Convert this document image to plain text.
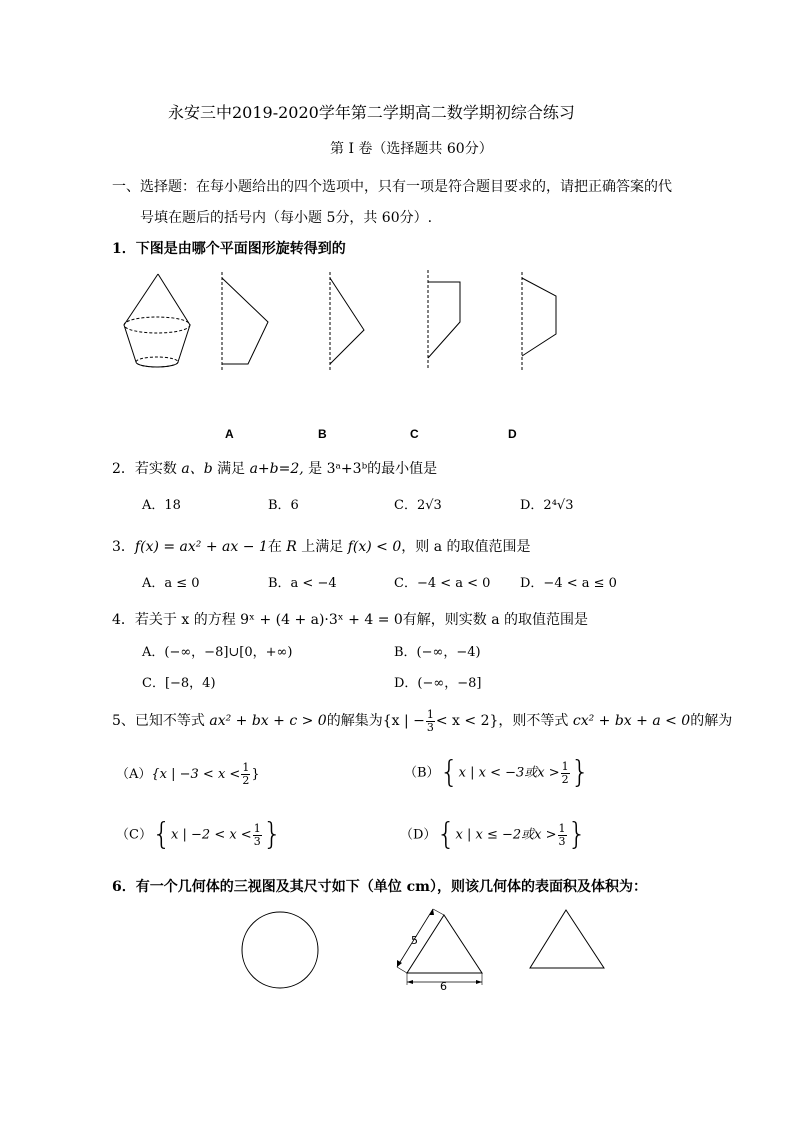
永安三中2019-2020学年第二学期高二数学期初综合练习
第 Ⅰ 卷（选择题共 60分）
一、选择题：在每小题给出的四个选项中，只有一项是符合题目要求的，请把正确答案的代
号填在题后的括号内（每小题 5分，共 60分）.
1．下图是由哪个平面图形旋转得到的
A	B	C	D
2．若实数 a、b 满足 a+b=2, 是 3ᵃ+3ᵇ的最小值是
A．18	B．6	C．2√3	D．2⁴√3
3．f(x) = ax² + ax − 1在 R 上满足 f(x) < 0，则 a 的取值范围是
A．a ≤ 0	B．a < −4	C．−4 < a < 0 D．−4 < a ≤ 0
4．若关于 x 的方程 9ˣ + (4 + a)·3ˣ + 4 = 0有解，则实数 a 的取值范围是
A．(−∞，−8]∪[0，+∞)	B．(−∞，−4)
C．[−8，4)	D．(−∞，−8]
5、已知不等式 ax² + bx + c > 0的解集为{x | − $\frac{1}{3} < x < 2$}，则不等式 cx² + bx + a < 0的解为
（A）{x | $-3 < x < \frac{1}{2}$ }	（B）{x | x < −3或$x > \frac{1}{2}$ }
（C）{x | $-2 < x < \frac{1}{3}$ }	（D）{x | x ≤ −2或$x > \frac{1}{3}$ }
6．有一个几何体的三视图及其尺寸如下（单位 cm），则该几何体的表面积及体积为：
5
6
